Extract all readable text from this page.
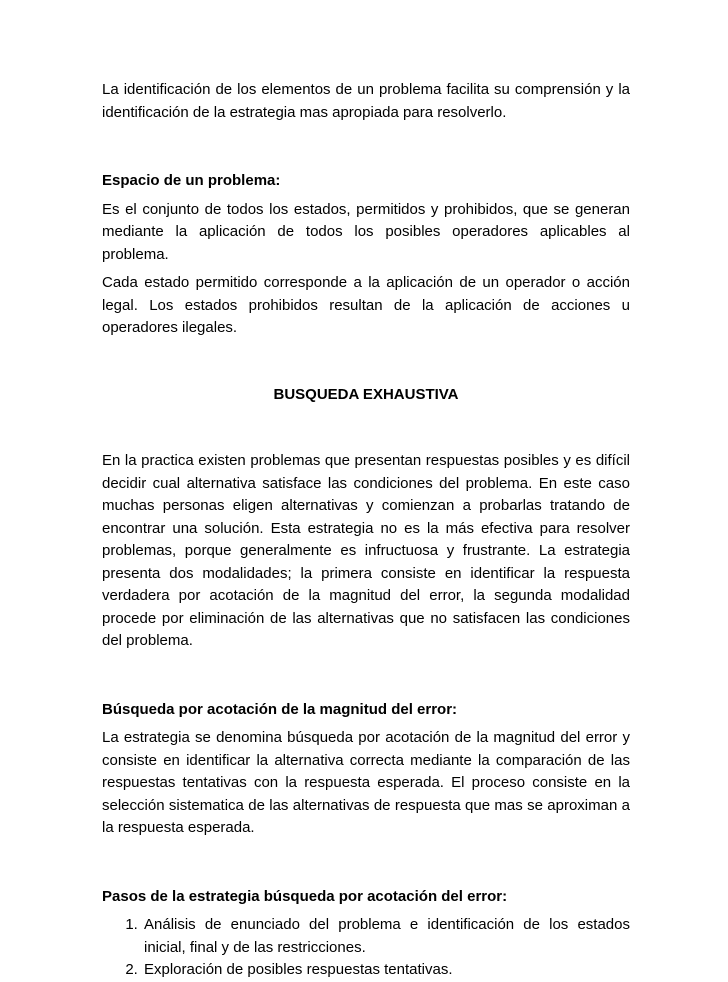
La identificación de los elementos de un problema facilita su comprensión y la identificación de la estrategia mas apropiada para resolverlo.

Espacio de un problema:

Es el conjunto de todos los estados, permitidos y prohibidos, que se generan mediante la aplicación de todos los posibles operadores aplicables al problema.

Cada estado permitido corresponde a la aplicación de un operador o acción legal. Los estados prohibidos resultan de la aplicación de acciones u operadores ilegales.

BUSQUEDA EXHAUSTIVA

En la practica existen problemas que presentan respuestas posibles y es difícil decidir cual alternativa satisface las condiciones del problema. En este caso muchas personas eligen alternativas y comienzan a probarlas tratando de encontrar una solución. Esta estrategia no es la más efectiva para resolver problemas, porque generalmente es infructuosa y frustrante. La estrategia presenta dos modalidades; la primera consiste en identificar la respuesta verdadera por acotación de la magnitud del error, la segunda modalidad procede por eliminación de las alternativas que no satisfacen las condiciones del problema.

Búsqueda por acotación de la magnitud del error:

La estrategia se denomina búsqueda por acotación de la magnitud del error y consiste en identificar la alternativa correcta mediante la comparación de las respuestas tentativas con la respuesta esperada. El proceso consiste en la selección sistematica de las alternativas de respuesta que mas se aproximan a la respuesta esperada.

Pasos de la estrategia búsqueda por acotación del error:

1. Análisis de enunciado del problema e identificación de los estados inicial, final y de las restricciones.
2. Exploración de posibles respuestas tentativas.
